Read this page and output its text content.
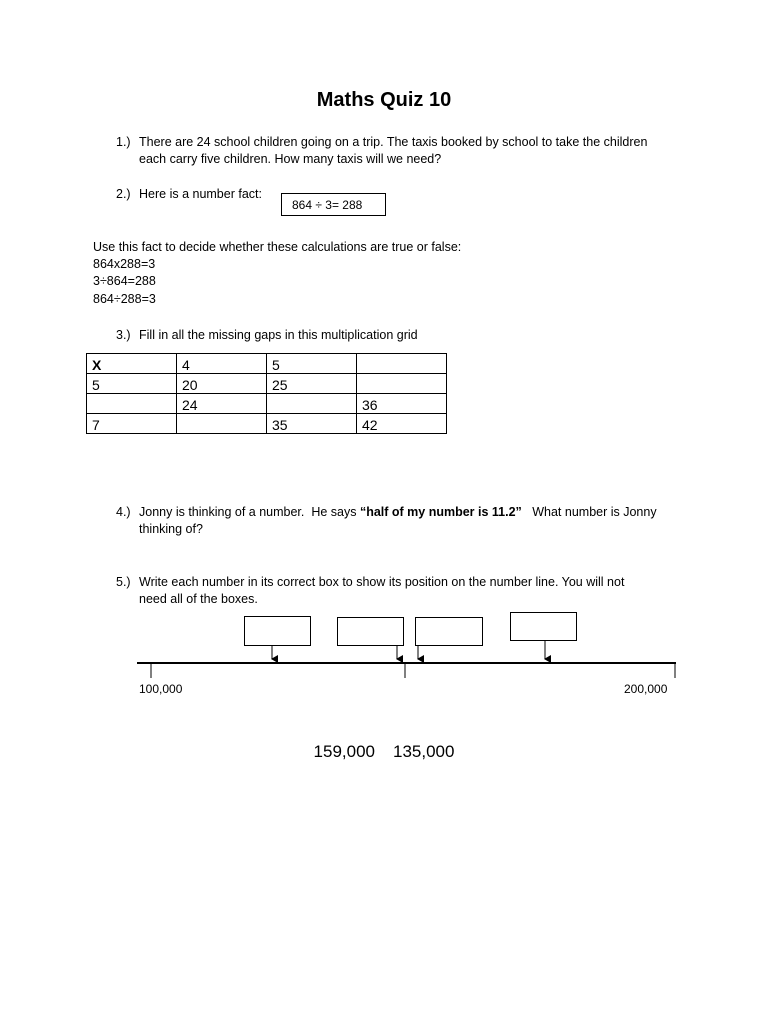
Maths Quiz 10
1.) There are 24 school children going on a trip. The taxis booked by school to take the children
each carry five children. How many taxis will we need?
2.) Here is a number fact:
864 ÷ 3= 288
Use this fact to decide whether these calculations are true or false:
864x288=3
3÷864=288
864÷288=3
3.) Fill in all the missing gaps in this multiplication grid
X	4	5	
5	20	25	
	24		36
7		35	42
4.) Jonny is thinking of a number.  He says “half of my number is 11.2”   What number is Jonny
thinking of?
5.) Write each number in its correct box to show its position on the number line. You will not
need all of the boxes.
100,000	200,000
159,000 135,000
